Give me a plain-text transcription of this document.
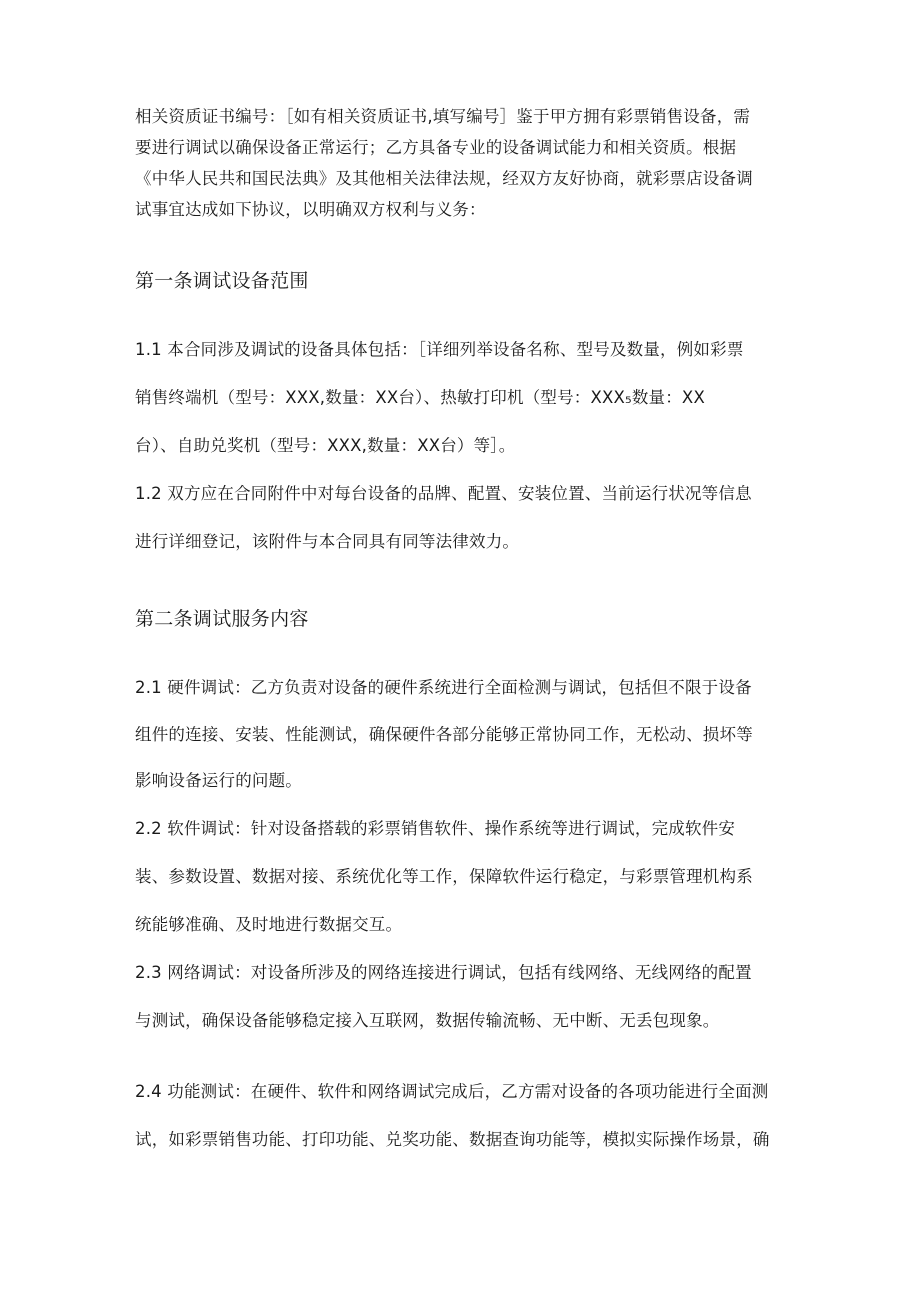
相关资质证书编号：［如有相关资质证书,填写编号］鉴于甲方拥有彩票销售设备，需

要进行调试以确保设备正常运行；乙方具备专业的设备调试能力和相关资质。根据

《中华人民共和国民法典》及其他相关法律法规，经双方友好协商，就彩票店设备调

试事宜达成如下协议，以明确双方权利与义务：

第一条调试设备范围

1.1 本合同涉及调试的设备具体包括：［详细列举设备名称、型号及数量，例如彩票

销售终端机（型号：XXX,数量：XX台）、热敏打印机（型号：XXX₅数量：XX

台）、自助兑奖机（型号：XXX,数量：XX台）等］。

1.2 双方应在合同附件中对每台设备的品牌、配置、安装位置、当前运行状况等信息

进行详细登记，该附件与本合同具有同等法律效力。

第二条调试服务内容

2.1 硬件调试：乙方负责对设备的硬件系统进行全面检测与调试，包括但不限于设备

组件的连接、安装、性能测试，确保硬件各部分能够正常协同工作，无松动、损坏等

影响设备运行的问题。

2.2 软件调试：针对设备搭载的彩票销售软件、操作系统等进行调试，完成软件安

装、参数设置、数据对接、系统优化等工作，保障软件运行稳定，与彩票管理机构系

统能够准确、及时地进行数据交互。

2.3 网络调试：对设备所涉及的网络连接进行调试，包括有线网络、无线网络的配置

与测试，确保设备能够稳定接入互联网，数据传输流畅、无中断、无丢包现象。

2.4 功能测试：在硬件、软件和网络调试完成后，乙方需对设备的各项功能进行全面测

试，如彩票销售功能、打印功能、兑奖功能、数据查询功能等，模拟实际操作场景，确
